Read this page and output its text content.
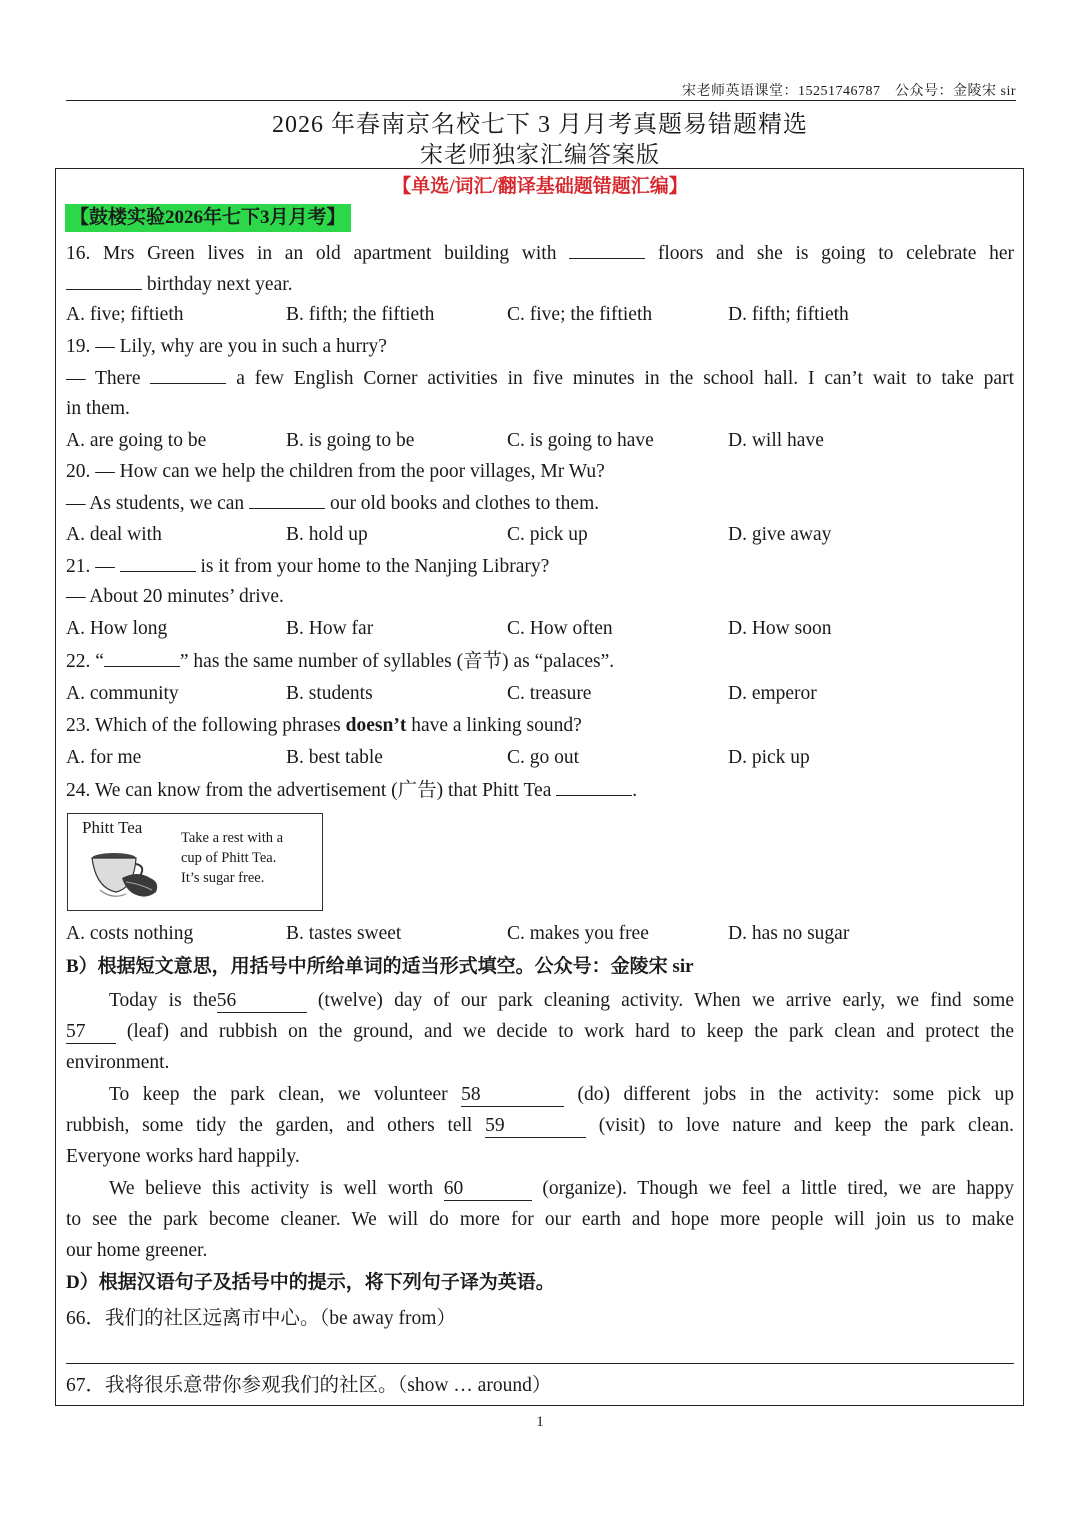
宋老师英语课堂：15251746787　公众号：金陵宋 sir
2026 年春南京名校七下 3 月月考真题易错题精选
宋老师独家汇编答案版
【单选/词汇/翻译基础题错题汇编】
【鼓楼实验2026年七下3月月考】
16. Mrs Green lives in an old apartment building with	floors and she is going to celebrate her
birthday next year.
A. five; fiftieth	B. fifth; the fiftieth	C. five; the fiftieth	D. fifth; fiftieth
19. — Lily, why are you in such a hurry?
— There	a few English Corner activities in five minutes in the school hall. I can’t wait to take part
in them.
A. are going to be	B. is going to be	C. is going to have	D. will have
20. — How can we help the children from the poor villages, Mr Wu?
— As students, we can	our old books and clothes to them.
A. deal with	B. hold up	C. pick up	D. give away
21. —	is it from your home to the Nanjing Library?
— About 20 minutes’ drive.
A. How long	B. How far	C. How often	D. How soon
22. “	” has the same number of syllables (音节) as “palaces”.
A. community	B. students	C. treasure	D. emperor
23. Which of the following phrases doesn’t have a linking sound?
A. for me	B. best table	C. go out	D. pick up
24. We can know from the advertisement (广告) that Phitt Tea	.
Phitt Tea
Take a rest with a
cup of Phitt Tea.
It’s sugar free.
A. costs nothing	B. tastes sweet	C. makes you free	D. has no sugar
B）根据短文意思，用括号中所给单词的适当形式填空。公众号：金陵宋 sir
Today is the56	(twelve) day of our park cleaning activity. When we arrive early, we find some
57 (leaf) and rubbish on the ground, and we decide to work hard to keep the park clean and protect the
environment.
To keep the park clean, we volunteer 58	(do) different jobs in the activity: some pick up
rubbish, some tidy the garden, and others tell 59	(visit) to love nature and keep the park clean.
Everyone works hard happily.
We believe this activity is well worth 60	(organize). Though we feel a little tired, we are happy
to see the park become cleaner. We will do more for our earth and hope more people will join us to make
our home greener.
D）根据汉语句子及括号中的提示，将下列句子译为英语。
66．我们的社区远离市中心。（be away from）
67．我将很乐意带你参观我们的社区。（show … around）
1
